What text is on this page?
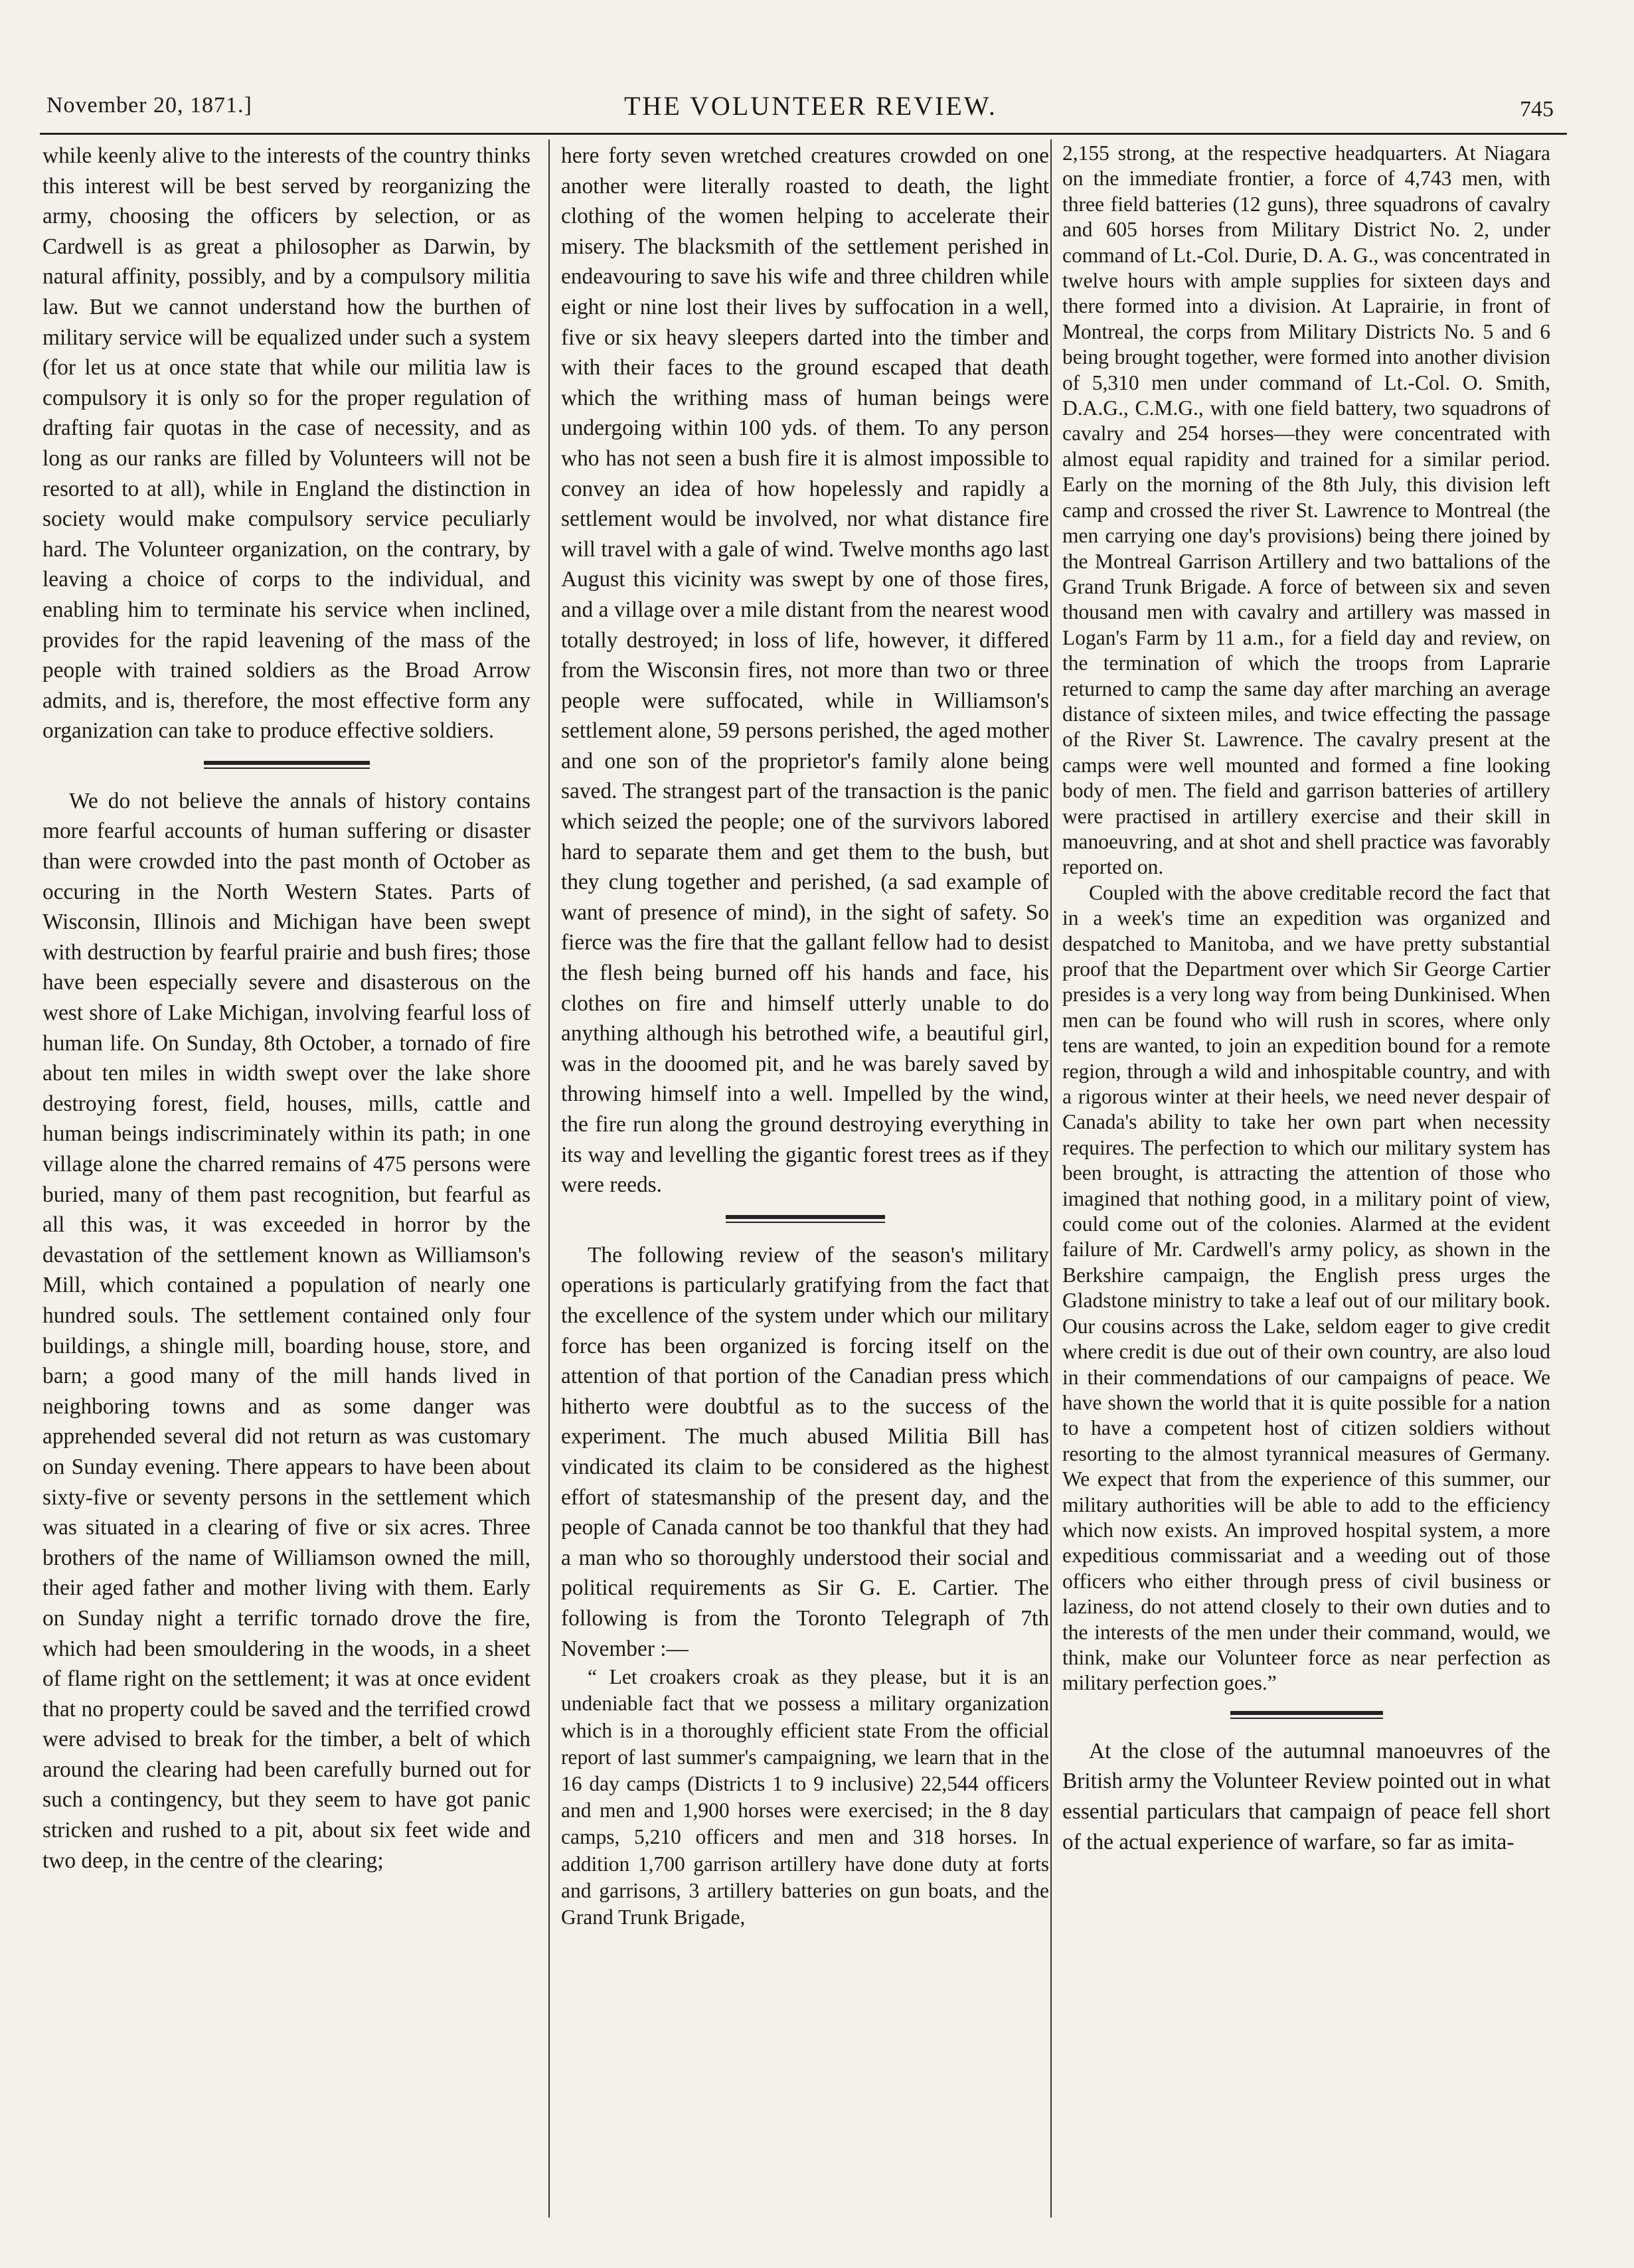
November 20, 1871.]	THE VOLUNTEER REVIEW.	745

while keenly alive to the interests of the country thinks this interest will be best served by reorganizing the army, choosing the officers by selection, or as Cardwell is as great a philosopher as Darwin, by natural affinity, possibly, and by a compulsory militia law. But we cannot understand how the burthen of military service will be equalized under such a system (for let us at once state that while our militia law is compulsory it is only so for the proper regulation of drafting fair quotas in the case of necessity, and as long as our ranks are filled by Volunteers will not be resorted to at all), while in England the distinction in society would make compulsory service peculiarly hard. The Volunteer organization, on the contrary, by leaving a choice of corps to the individual, and enabling him to terminate his service when inclined, provides for the rapid leavening of the mass of the people with trained soldiers as the Broad Arrow admits, and is, therefore, the most effective form any organization can take to produce effective soldiers.

We do not believe the annals of history contains more fearful accounts of human suffering or disaster than were crowded into the past month of October as occuring in the North Western States. Parts of Wisconsin, Illinois and Michigan have been swept with destruction by fearful prairie and bush fires; those have been especially severe and disasterous on the west shore of Lake Michigan, involving fearful loss of human life. On Sunday, 8th October, a tornado of fire about ten miles in width swept over the lake shore destroying forest, field, houses, mills, cattle and human beings indiscriminately within its path; in one village alone the charred remains of 475 persons were buried, many of them past recognition, but fearful as all this was, it was exceeded in horror by the devastation of the settlement known as Williamson's Mill, which contained a population of nearly one hundred souls. The settlement contained only four buildings, a shingle mill, boarding house, store, and barn; a good many of the mill hands lived in neighboring towns and as some danger was apprehended several did not return as was customary on Sunday evening. There appears to have been about sixty-five or seventy persons in the settlement which was situated in a clearing of five or six acres. Three brothers of the name of Williamson owned the mill, their aged father and mother living with them. Early on Sunday night a terrific tornado drove the fire, which had been smouldering in the woods, in a sheet of flame right on the settlement; it was at once evident that no property could be saved and the terrified crowd were advised to break for the timber, a belt of which around the clearing had been carefully burned out for such a contingency, but they seem to have got panic stricken and rushed to a pit, about six feet wide and two deep, in the centre of the clearing;

here forty seven wretched creatures crowded on one another were literally roasted to death, the light clothing of the women helping to accelerate their misery. The blacksmith of the settlement perished in endeavouring to save his wife and three children while eight or nine lost their lives by suffocation in a well, five or six heavy sleepers darted into the timber and with their faces to the ground escaped that death which the writhing mass of human beings were undergoing within 100 yds. of them. To any person who has not seen a bush fire it is almost impossible to convey an idea of how hopelessly and rapidly a settlement would be involved, nor what distance fire will travel with a gale of wind. Twelve months ago last August this vicinity was swept by one of those fires, and a village over a mile distant from the nearest wood totally destroyed; in loss of life, however, it differed from the Wisconsin fires, not more than two or three people were suffocated, while in Williamson's settlement alone, 59 persons perished, the aged mother and one son of the proprietor's family alone being saved. The strangest part of the transaction is the panic which seized the people; one of the survivors labored hard to separate them and get them to the bush, but they clung together and perished, (a sad example of want of presence of mind), in the sight of safety. So fierce was the fire that the gallant fellow had to desist the flesh being burned off his hands and face, his clothes on fire and himself utterly unable to do anything although his betrothed wife, a beautiful girl, was in the dooomed pit, and he was barely saved by throwing himself into a well. Impelled by the wind, the fire run along the ground destroying everything in its way and levelling the gigantic forest trees as if they were reeds.

The following review of the season's military operations is particularly gratifying from the fact that the excellence of the system under which our military force has been organized is forcing itself on the attention of that portion of the Canadian press which hitherto were doubtful as to the success of the experiment. The much abused Militia Bill has vindicated its claim to be considered as the highest effort of statesmanship of the present day, and the people of Canada cannot be too thankful that they had a man who so thoroughly understood their social and political requirements as Sir G. E. Cartier. The following is from the Toronto Telegraph of 7th November :—

“ Let croakers croak as they please, but it is an undeniable fact that we possess a military organization which is in a thoroughly efficient state From the official report of last summer's campaigning, we learn that in the 16 day camps (Districts 1 to 9 inclusive) 22,544 officers and men and 1,900 horses were exercised; in the 8 day camps, 5,210 officers and men and 318 horses. In addition 1,700 garrison artillery have done duty at forts and garrisons, 3 artillery batteries on gun boats, and the Grand Trunk Brigade,

2,155 strong, at the respective headquarters. At Niagara on the immediate frontier, a force of 4,743 men, with three field batteries (12 guns), three squadrons of cavalry and 605 horses from Military District No. 2, under command of Lt.-Col. Durie, D. A. G., was concentrated in twelve hours with ample supplies for sixteen days and there formed into a division. At Laprairie, in front of Montreal, the corps from Military Districts No. 5 and 6 being brought together, were formed into another division of 5,310 men under command of Lt.-Col. O. Smith, D.A.G., C.M.G., with one field battery, two squadrons of cavalry and 254 horses—they were concentrated with almost equal rapidity and trained for a similar period. Early on the morning of the 8th July, this division left camp and crossed the river St. Lawrence to Montreal (the men carrying one day's provisions) being there joined by the Montreal Garrison Artillery and two battalions of the Grand Trunk Brigade. A force of between six and seven thousand men with cavalry and artillery was massed in Logan's Farm by 11 a.m., for a field day and review, on the termination of which the troops from Laprarie returned to camp the same day after marching an average distance of sixteen miles, and twice effecting the passage of the River St. Lawrence. The cavalry present at the camps were well mounted and formed a fine looking body of men. The field and garrison batteries of artillery were practised in artillery exercise and their skill in manoeuvring, and at shot and shell practice was favorably reported on.

Coupled with the above creditable record the fact that in a week's time an expedition was organized and despatched to Manitoba, and we have pretty substantial proof that the Department over which Sir George Cartier presides is a very long way from being Dunkinised. When men can be found who will rush in scores, where only tens are wanted, to join an expedition bound for a remote region, through a wild and inhospitable country, and with a rigorous winter at their heels, we need never despair of Canada's ability to take her own part when necessity requires. The perfection to which our military system has been brought, is attracting the attention of those who imagined that nothing good, in a military point of view, could come out of the colonies. Alarmed at the evident failure of Mr. Cardwell's army policy, as shown in the Berkshire campaign, the English press urges the Gladstone ministry to take a leaf out of our military book. Our cousins across the Lake, seldom eager to give credit where credit is due out of their own country, are also loud in their commendations of our campaigns of peace. We have shown the world that it is quite possible for a nation to have a competent host of citizen soldiers without resorting to the almost tyrannical measures of Germany. We expect that from the experience of this summer, our military authorities will be able to add to the efficiency which now exists. An improved hospital system, a more expeditious commissariat and a weeding out of those officers who either through press of civil business or laziness, do not attend closely to their own duties and to the interests of the men under their command, would, we think, make our Volunteer force as near perfection as military perfection goes.”

At the close of the autumnal manoeuvres of the British army the Volunteer Review pointed out in what essential particulars that campaign of peace fell short of the actual experience of warfare, so far as imita-
